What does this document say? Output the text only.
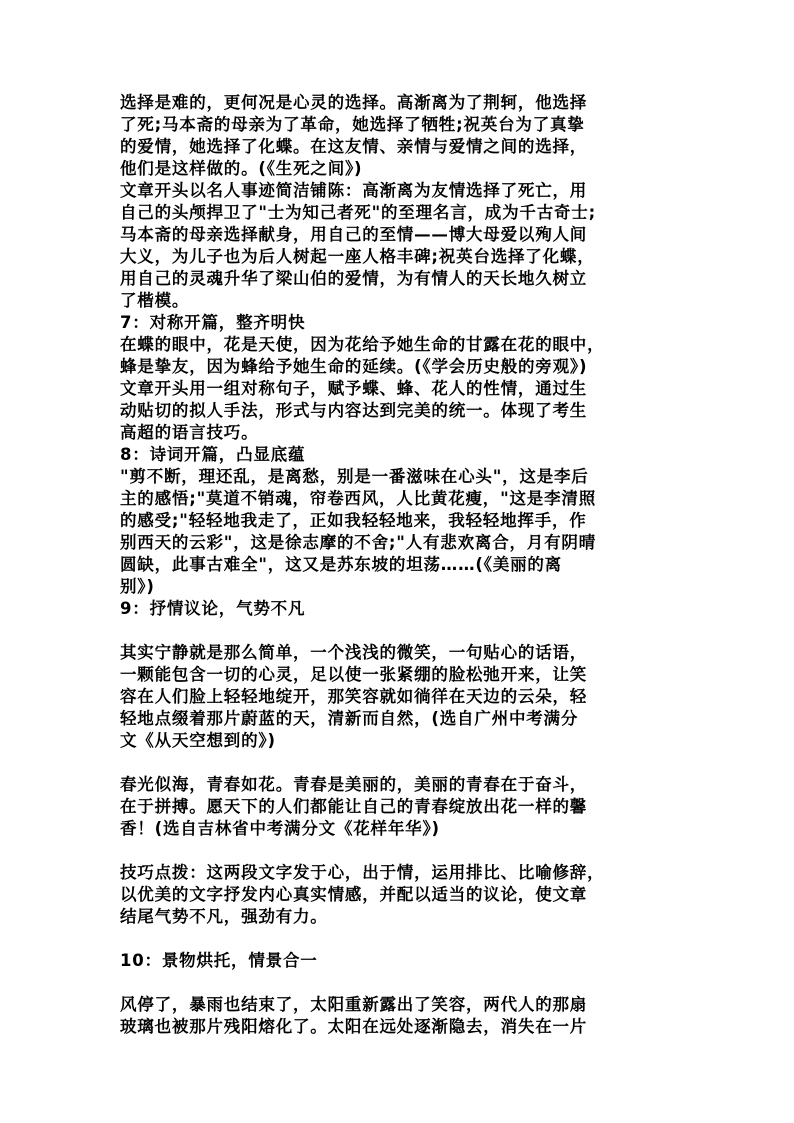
选择是难的，更何况是心灵的选择。高渐离为了荆轲，他选择
了死;马本斋的母亲为了革命，她选择了牺牲;祝英台为了真挚
的爱情，她选择了化蝶。在这友情、亲情与爱情之间的选择，
他们是这样做的。(《生死之间》)
文章开头以名人事迹简洁铺陈：高渐离为友情选择了死亡，用
自己的头颅捍卫了"士为知己者死"的至理名言，成为千古奇士;
马本斋的母亲选择献身，用自己的至情——博大母爱以殉人间
大义，为儿子也为后人树起一座人格丰碑;祝英台选择了化蝶，
用自己的灵魂升华了梁山伯的爱情，为有情人的天长地久树立
了楷模。
7：对称开篇，整齐明快
在蝶的眼中，花是天使，因为花给予她生命的甘露在花的眼中，
蜂是挚友，因为蜂给予她生命的延续。(《学会历史般的旁观》)
文章开头用一组对称句子，赋予蝶、蜂、花人的性情，通过生
动贴切的拟人手法，形式与内容达到完美的统一。体现了考生
高超的语言技巧。
8：诗词开篇，凸显底蕴
"剪不断，理还乱，是离愁，别是一番滋味在心头"，这是李后
主的感悟;"莫道不销魂，帘卷西风，人比黄花瘦，"这是李清照
的感受;"轻轻地我走了，正如我轻轻地来，我轻轻地挥手，作
别西天的云彩"，这是徐志摩的不舍;"人有悲欢离合，月有阴晴
圆缺，此事古难全"，这又是苏东坡的坦荡……(《美丽的离
别》)
9：抒情议论，气势不凡
其实宁静就是那么简单，一个浅浅的微笑，一句贴心的话语，
一颗能包含一切的心灵，足以使一张紧绷的脸松弛开来，让笑
容在人们脸上轻轻地绽开，那笑容就如徜徉在天边的云朵，轻
轻地点缀着那片蔚蓝的天，清新而自然，(选自广州中考满分
文《从天空想到的》)
春光似海，青春如花。青春是美丽的，美丽的青春在于奋斗，
在于拼搏。愿天下的人们都能让自己的青春绽放出花一样的馨
香！(选自吉林省中考满分文《花样年华》)
技巧点拨：这两段文字发于心，出于情，运用排比、比喻修辞，
以优美的文字抒发内心真实情感，并配以适当的议论，使文章
结尾气势不凡，强劲有力。
10：景物烘托，情景合一
风停了，暴雨也结束了，太阳重新露出了笑容，两代人的那扇
玻璃也被那片残阳熔化了。太阳在远处逐渐隐去，消失在一片
